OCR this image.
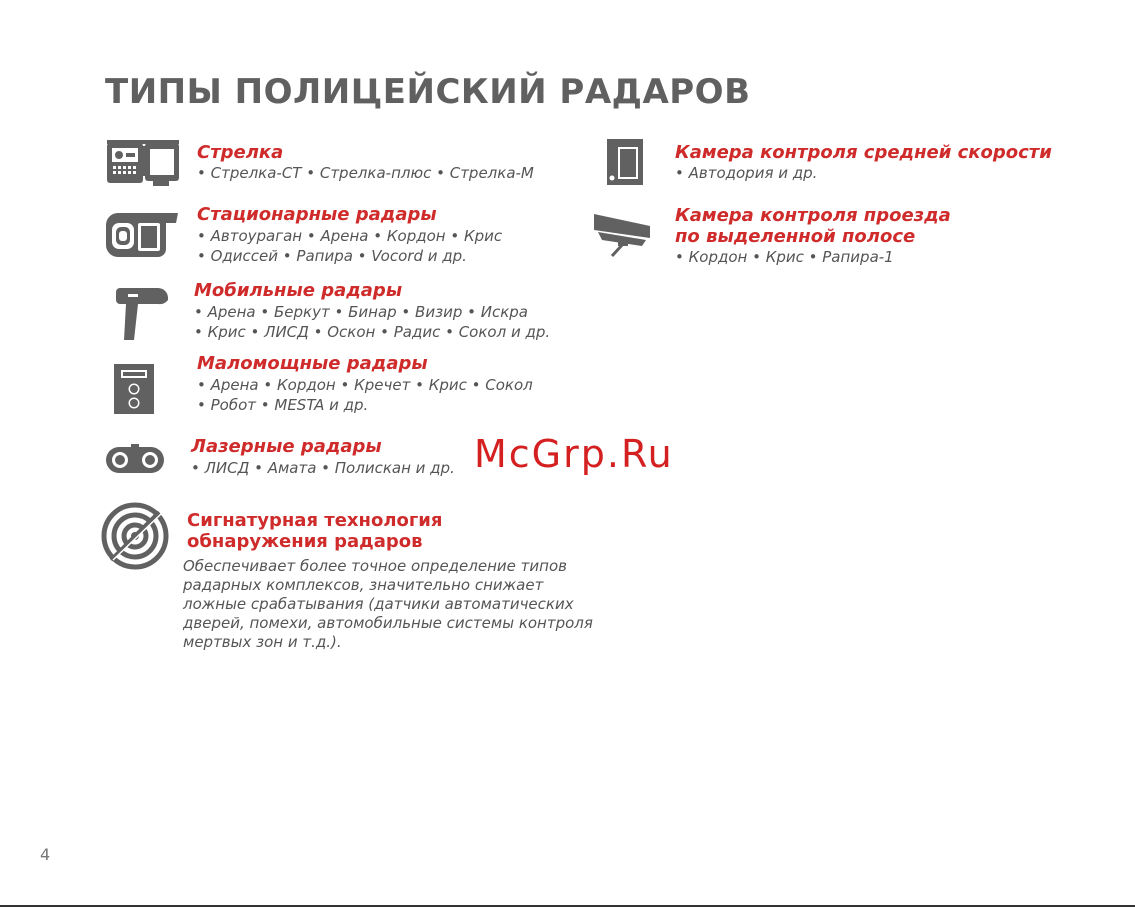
ТИПЫ ПОЛИЦЕЙСКИЙ РАДАРОВ
Стрелка
• Стрелка-СТ • Стрелка-плюс • Стрелка-М
Стационарные радары
• Автоураган • Арена • Кордон • Крис
• Одиссей • Рапира • Vocord и др.
Мобильные радары
• Арена • Беркут • Бинар • Визир • Искра
• Крис • ЛИСД • Оскон • Радис • Сокол и др.
Маломощные радары
• Арена • Кордон • Кречет • Крис • Сокол
• Робот • MESTA и др.
Лазерные радары
• ЛИСД • Амата • Полискан и др.
Сигнатурная технология
обнаружения радаров
Обеспечивает более точное определение типов
радарных комплексов, значительно снижает
ложные срабатывания (датчики автоматических
дверей, помехи, автомобильные системы контроля
мертвых зон и т.д.).
Камера контроля средней скорости
• Автодория и др.
Камера контроля проезда
по выделенной полосе
• Кордон • Крис • Рапира-1
McGrp.Ru
4
